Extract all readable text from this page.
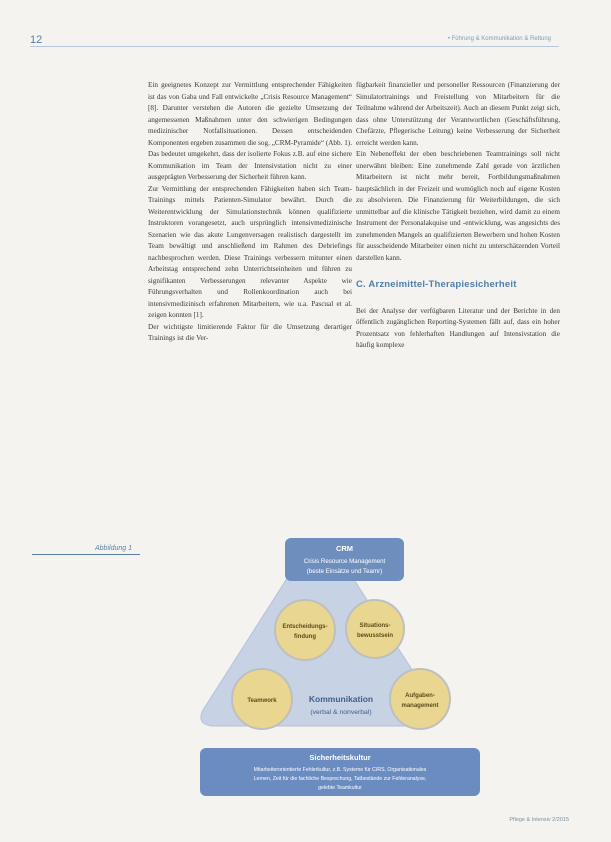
12	• Führung & Kommunikation & Rettung

Ein geeignetes Konzept zur Vermittlung entsprechender Fähigkeiten ist das von Gaba und Fall entwickelte „Crisis Resource Management“ [8]. Darunter verstehen die Autoren die gezielte Umsetzung der angemessenen Maßnahmen unter den schwierigen Bedingungen medizinischer Notfallsituationen. Dessen entscheidenden Komponenten ergeben zusammen die sog. „CRM-Pyramide“ (Abb. 1). Das bedeutet umgekehrt, dass der isolierte Fokus z.B. auf eine sichere Kommunikation im Team der Intensivstation nicht zu einer ausgeprägten Verbesserung der Sicherheit führen kann.

Zur Vermittlung der entsprechenden Fähigkeiten haben sich Team-Trainings mittels Patienten-Simulator bewährt. Durch die Weiterentwicklung der Simulationstechnik können qualifizierte Instruktoren vorangesetzt, auch ursprünglich intensivmedizinische Szenarien wie das akute Lungenversagen realistisch dargestellt im Team bewältigt und anschließend im Rahmen des Debriefings nachbesprochen werden. Diese Trainings verbessern mitunter einen Arbeitstag entsprechend zehn Unterrichtseinheiten und führen zu signifikanten Verbesserungen relevanter Aspekte wie Führungsverhalten und Rollenkoordination auch bei intensivmedizinisch erfahrenen Mitarbeitern, wie u.a. Pascual et al. zeigen konnten [1].

Der wichtigste limitierende Faktor für die Umsetzung derartiger Trainings ist die Ver-

fügbarkeit finanzieller und personeller Ressourcen (Finanzierung der Simulatortrainings und Freistellung von Mitarbeitern für die Teilnahme während der Arbeitszeit). Auch an diesem Punkt zeigt sich, dass ohne Unterstützung der Verantwortlichen (Geschäftsführung, Chefärzte, Pflegerische Leitung) keine Verbesserung der Sicherheit erreicht werden kann.

Ein Nebeneffekt der eben beschriebenen Teamtrainings soll nicht unerwähnt bleiben: Eine zunehmende Zahl gerade von ärztlichen Mitarbeitern ist nicht mehr bereit, Fortbildungsmaßnahmen hauptsächlich in der Freizeit und womöglich noch auf eigene Kosten zu absolvieren. Die Finanzierung für Weiterbildungen, die sich unmittelbar auf die klinische Tätigkeit beziehen, wird damit zu einem Instrument der Personalakquise und -entwicklung, was angesichts des zunehmenden Mangels an qualifizierten Bewerbern und hohen Kosten für ausscheidende Mitarbeiter einen nicht zu unterschätzenden Vorteil darstellen kann.

C. Arzneimittel-Therapiesicherheit

Bei der Analyse der verfügbaren Literatur und der Berichte in den öffentlich zugänglichen Reporting-Systemen fällt auf, dass ein hoher Prozentsatz von fehlerhaften Handlungen auf Intensivstation die häufig komplexe

Abbildung 1	CRM
Crisis Resource Management
(beste Einsätze und Teamr)
Entscheidungs-
findung
Situations-
bewusstsein
Teamwork
Aufgaben-
management
Kommunikation
(verbal & nonverbal)
Sicherheitskultur
Mitarbeiterorientierte Fehlerkultur, z.B. Systeme für CIRS, Organisationales
Lernen, Zeit für die fachliche Besprechung, Tatbestände zur Fehleranalyse,
gelebte Teamkultur
Pflege & Intensiv 2/2015
